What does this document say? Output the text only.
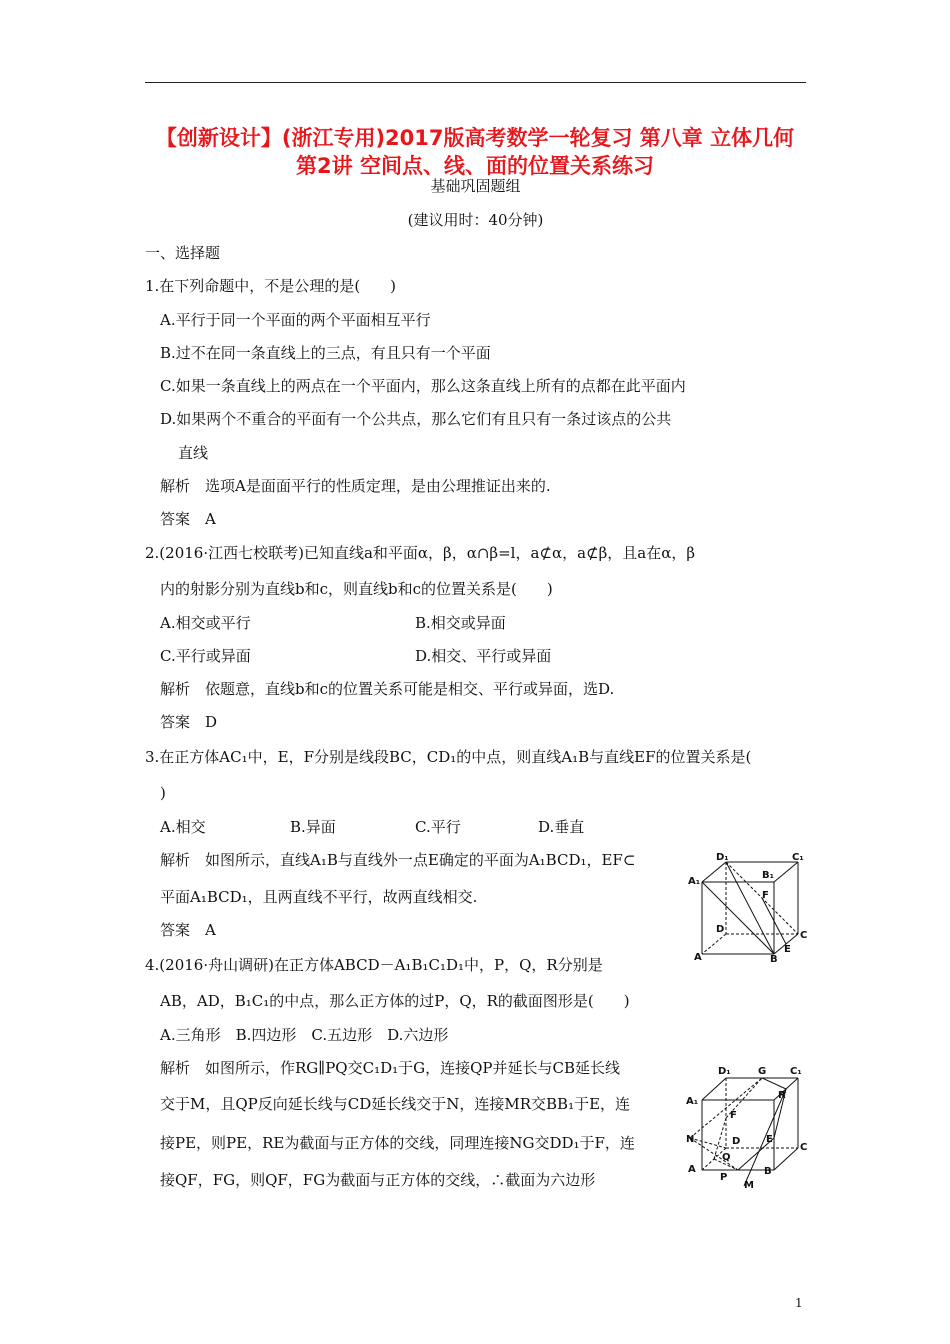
【创新设计】(浙江专用)2017版高考数学一轮复习 第八章 立体几何
第2讲 空间点、线、面的位置关系练习
基础巩固题组
(建议用时：40分钟)
一、选择题
1.在下列命题中，不是公理的是(　　)
A.平行于同一个平面的两个平面相互平行
B.过不在同一条直线上的三点，有且只有一个平面
C.如果一条直线上的两点在一个平面内，那么这条直线上所有的点都在此平面内
D.如果两个不重合的平面有一个公共点，那么它们有且只有一条过该点的公共
直线
解析　选项A是面面平行的性质定理，是由公理推证出来的.
答案　A
2.(2016·江西七校联考)已知直线a和平面α，β，α∩β=l，a⊄α，a⊄β，且a在α，β
内的射影分别为直线b和c，则直线b和c的位置关系是(　　)
A.相交或平行	B.相交或异面
C.平行或异面	D.相交、平行或异面
解析　依题意，直线b和c的位置关系可能是相交、平行或异面，选D.
答案　D
3.在正方体AC₁中，E，F分别是线段BC，CD₁的中点，则直线A₁B与直线EF的位置关系是(
)
A.相交	B.异面	C.平行	D.垂直
解析　如图所示，直线A₁B与直线外一点E确定的平面为A₁BCD₁，EF⊂
平面A₁BCD₁，且两直线不平行，故两直线相交.
答案　A
D₁	C₁
A₁
B₁
F
D
C
A	B
E
4.(2016·舟山调研)在正方体ABCD－A₁B₁C₁D₁中，P，Q，R分别是
AB，AD，B₁C₁的中点，那么正方体的过P，Q，R的截面图形是(　　)
A.三角形　B.四边形　C.五边形　D.六边形
解析　如图所示，作RG∥PQ交C₁D₁于G，连接QP并延长与CB延长线
交于M，且QP反向延长线与CD延长线交于N，连接MR交BB₁于E，连
接PE，则PE，RE为截面与正方体的交线，同理连接NG交DD₁于F，连
接QF，FG，则QF，FG为截面与正方体的交线，∴截面为六边形
D₁	G C₁
R
A₁
F
N	D	E
C
Q
A
P
B
M
1
